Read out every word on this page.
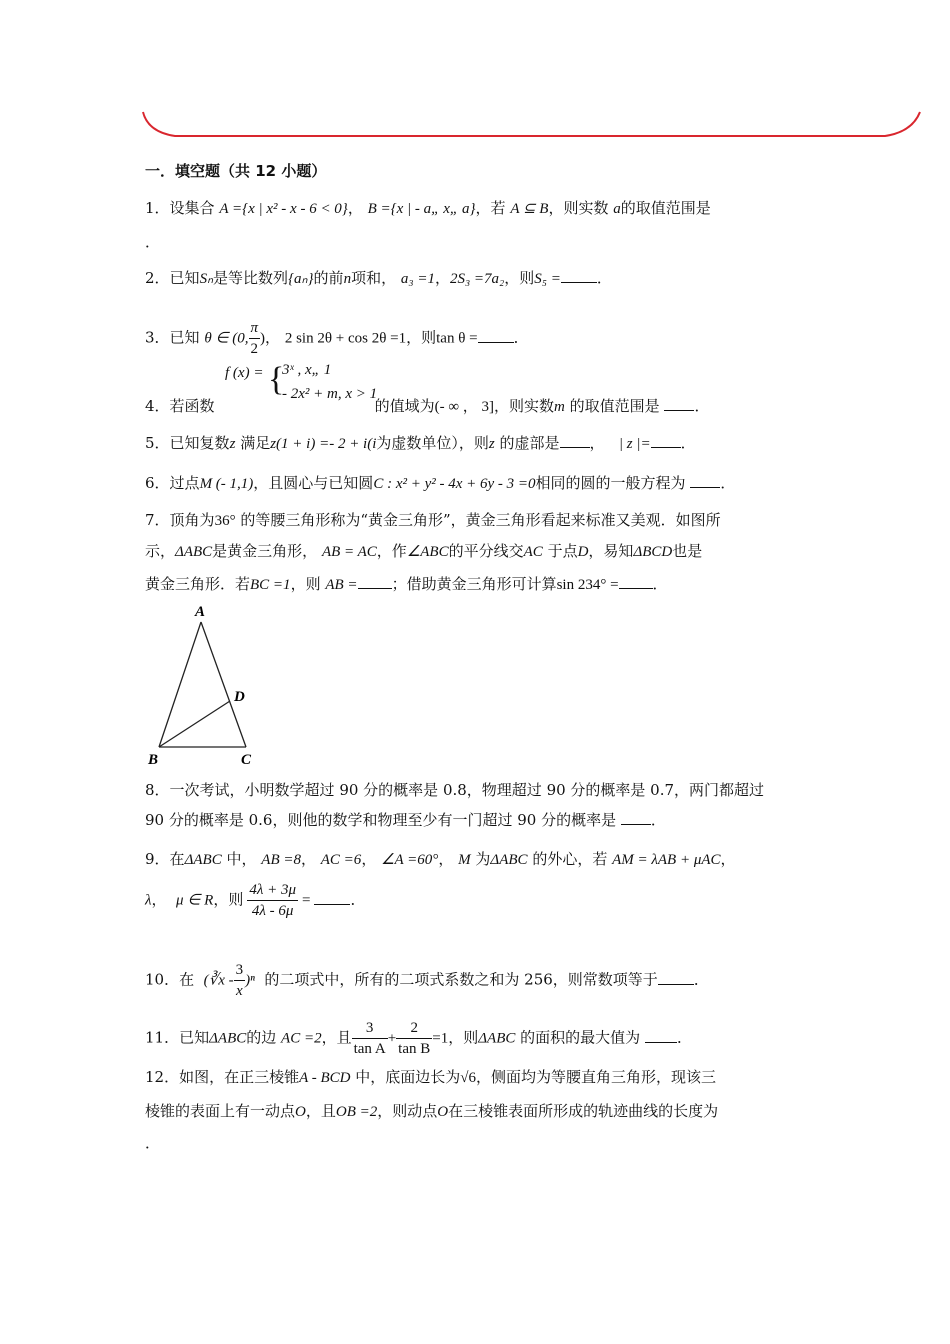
一．填空题（共 12 小题）
1．设集合 A ={x | x² - x - 6 < 0}， B ={x | - a„ x„ a}，若 A ⊆ B，则实数 a的取值范围是
．
2．已知Sₙ是等比数列{aₙ}的前n项和， a₃ =1，2S₃ =7a₂，则S₅ = ．
3．已知 θ ∈ (0, $\frac{\pi}{2}$ )， 2 sin 2θ + cos 2θ =1，则tan θ = ．
f (x) = {
3ˣ , x„ 1
- 2x² + m, x > 1
4．若函数	的值域为(- ∞ ， 3]，则实数m 的取值范围是 ．
5．已知复数z 满足z(1 + i) =- 2 + i(i为虚数单位），则z 的虚部是 ， | z |= ．
6．过点M (- 1,1)，且圆心与已知圆C : x² + y² - 4x + 6y - 3 =0相同的圆的一般方程为 ．
7．顶角为36° 的等腰三角形称为“黄金三角形”，黄金三角形看起来标准又美观．如图所
示，ΔABC是黄金三角形， AB = AC，作∠ABC的平分线交AC 于点D，易知ΔBCD也是
黄金三角形．若BC =1，则 AB = ；借助黄金三角形可计算sin 234° = ．
A
B	C
D
8．一次考试，小明数学超过 90 分的概率是 0.8，物理超过 90 分的概率是 0.7，两门都超过
90 分的概率是 0.6，则他的数学和物理至少有一门超过 90 分的概率是 ．
9．在ΔABC 中， AB =8， AC =6， ∠A =60°， M 为ΔABC 的外心，若 AM = λAB + μAC，
λ，  μ ∈ R，则 $\frac{4\lambda + 3\mu}{4\lambda - 6\mu}$ =	．
10．在 (∛x - $\frac{3}{x} )^n$ 的二项式中，所有的二项式系数之和为 256，则常数项等于 ．
11．已知ΔABC的边 AC =2，且 $\frac{3}{\text{tan A}} + \frac{2}{\text{tan B}} =1$，则ΔABC 的面积的最大值为 ．
12．如图，在正三棱锥A - BCD 中，底面边长为√6，侧面均为等腰直角三角形，现该三
棱锥的表面上有一动点O，且OB =2，则动点O在三棱锥表面所形成的轨迹曲线的长度为
．
